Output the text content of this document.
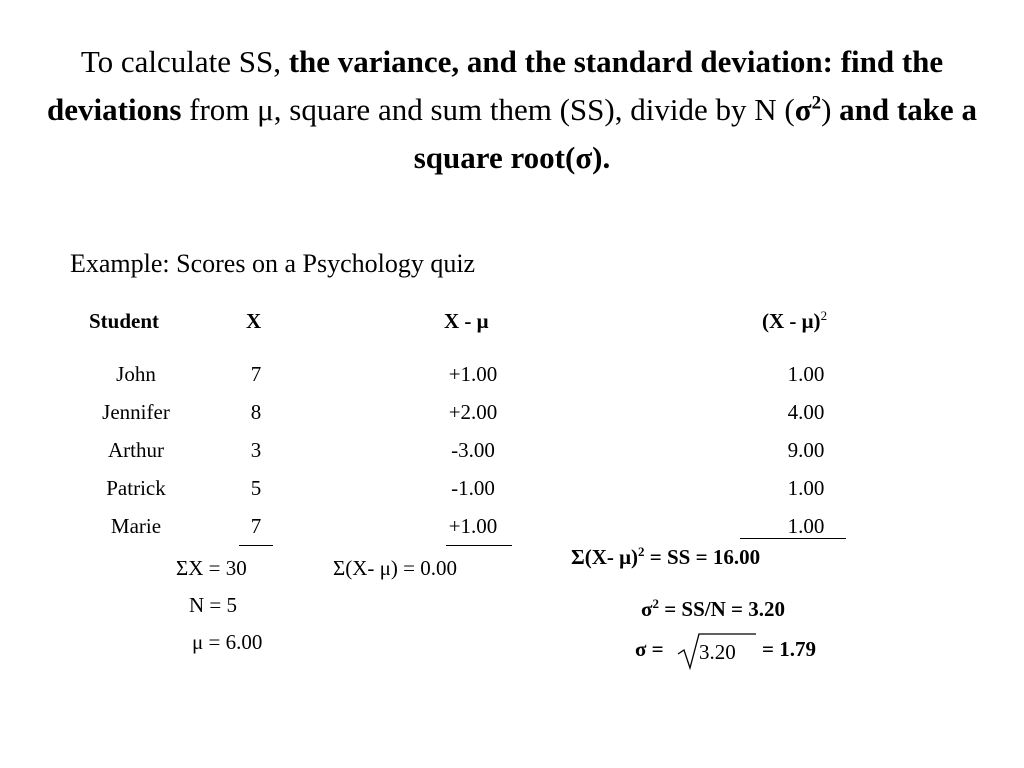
To calculate SS, the variance, and the standard deviation: find the deviations from μ, square and sum them (SS), divide by N $(\sigma^2)$ and take a square root(σ).
Example: Scores on a Psychology quiz
Student	X	X - μ	(X - μ)$^2$
John	7	+1.00	1.00
Jennifer	8	+2.00	4.00
Arthur	3	-3.00	9.00
Patrick	5	-1.00	1.00
Marie	7	+1.00	1.00
ΣX = 30	Σ(X- μ) = 0.00
N = 5
μ = 6.00
Σ(X- μ)$^2$ = SS = 16.00
$\sigma^2 = SS/N = 3.20$
σ = 3.20 = 1.79
